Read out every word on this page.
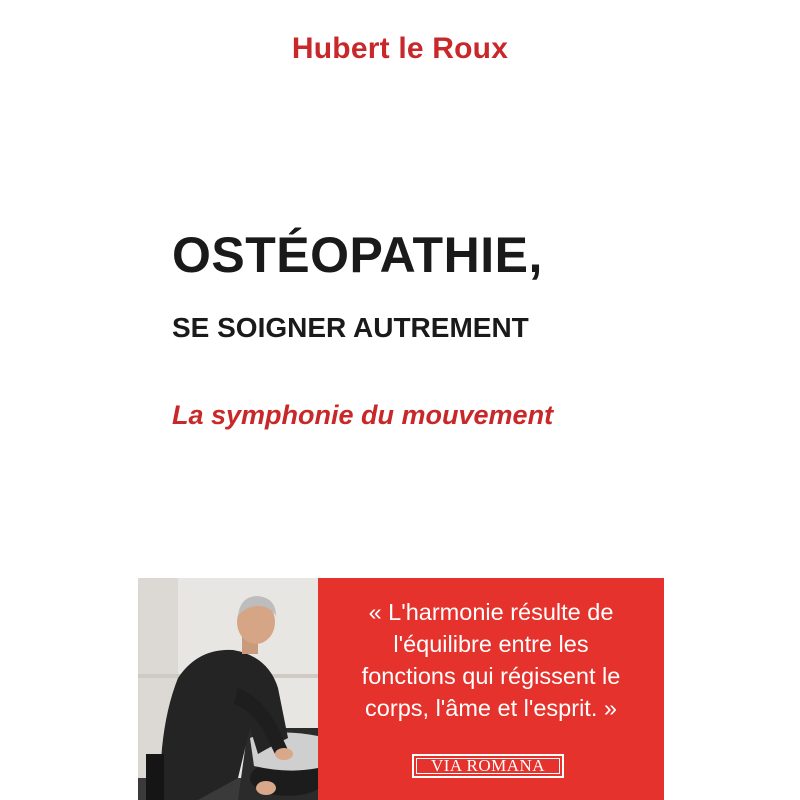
Hubert le Roux
OSTÉOPATHIE,
SE SOIGNER AUTREMENT
La symphonie du mouvement
« L'harmonie résulte de
l'équilibre entre les
fonctions qui régissent le
corps, l'âme et l'esprit. »
VIA ROMANA
